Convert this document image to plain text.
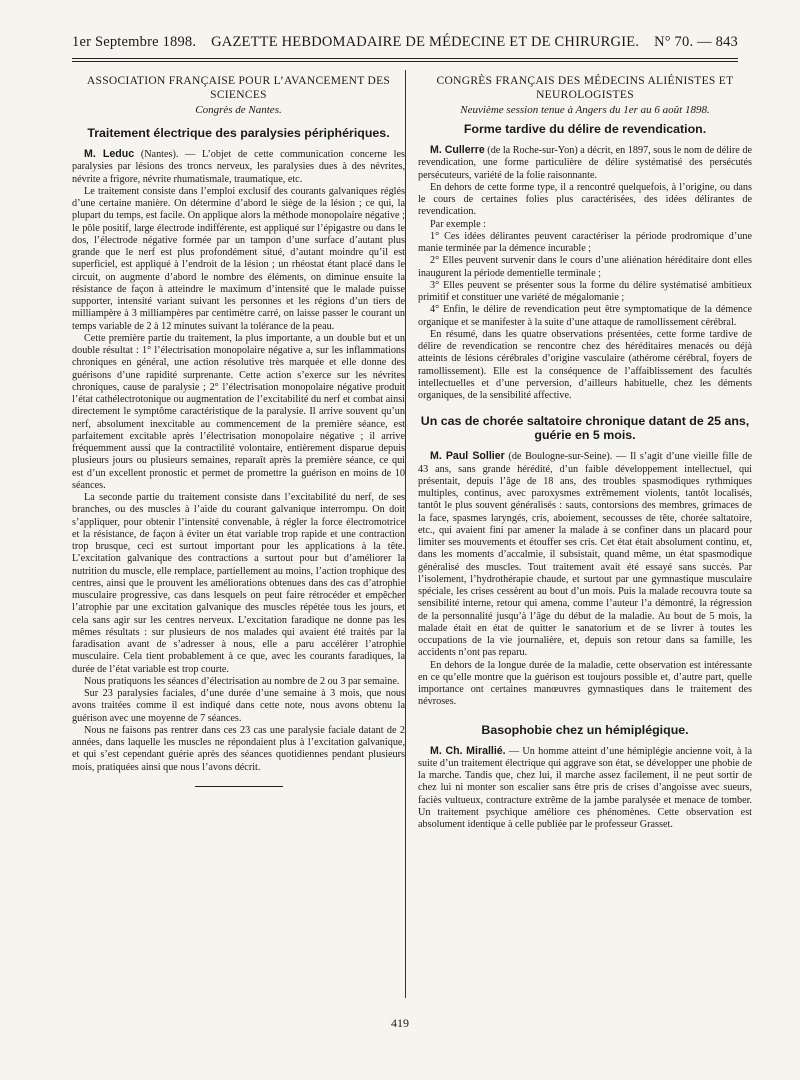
1er Septembre 1898. GAZETTE HEBDOMADAIRE DE MÉDECINE ET DE CHIRURGIE. N° 70. — 843
ASSOCIATION FRANÇAISE POUR L’AVANCEMENT DES SCIENCES
Congrès de Nantes.
Traitement électrique des paralysies périphériques.

M. Leduc (Nantes). — L’objet de cette communication concerne les paralysies par lésions des troncs nerveux, les paralysies dues à des névrites, névrite a frigore, névrite rhumatismale, traumatique, etc.

Le traitement consiste dans l’emploi exclusif des courants galvaniques réglés d’une certaine manière. On détermine d’abord le siège de la lésion ; ce qui, la plupart du temps, est facile. On applique alors la méthode monopolaire négative ; le pôle positif, large électrode indifférente, est appliqué sur l’épigastre ou dans le dos, l’électrode négative formée par un tampon d’une surface d’autant plus grande que le nerf est plus profondément situé, d’autant moindre qu’il est superficiel, est appliqué à l’endroit de la lésion ; un rhéostat étant placé dans le circuit, on augmente d’abord le nombre des éléments, on diminue ensuite la résistance de façon à atteindre le maximum d’intensité que le malade puisse supporter, intensité variant suivant les personnes et les régions d’un tiers de milliampère à 3 milliampères par centimètre carré, on laisse passer le courant un temps variable de 2 à 12 minutes suivant la tolérance de la peau.

Cette première partie du traitement, la plus importante, a un double but et un double résultat : 1° l’électrisation monopolaire négative a, sur les inflammations chroniques en général, une action résolutive très marquée et elle donne des guérisons d’une rapidité surprenante. Cette action s’exerce sur les névrites chroniques, cause de paralysie ; 2° l’électrisation monopolaire négative produit l’état cathélectrotonique ou augmentation de l’excitabilité du nerf et combat ainsi directement le symptôme caractéristique de la paralysie. Il arrive souvent qu’un nerf, absolument inexcitable au commencement de la première séance, est parfaitement excitable après l’électrisation monopolaire négative ; il arrive fréquemment aussi que la contractilité volontaire, entièrement disparue depuis plusieurs jours ou plusieurs semaines, reparaît après la première séance, ce qui est d’un excellent pronostic et permet de promettre la guérison en moins de 10 séances.

La seconde partie du traitement consiste dans l’excitabilité du nerf, de ses branches, ou des muscles à l’aide du courant galvanique interrompu. On doit s’appliquer, pour obtenir l’intensité convenable, à régler la force électromotrice et la résistance, de façon à éviter un état variable trop rapide et une contraction trop brusque, ceci est surtout important pour les applications à la tête. L’excitation galvanique des contractions a surtout pour but d’améliorer la nutrition du muscle, elle remplace, partiellement au moins, l’action trophique des centres, ainsi que le prouvent les améliorations obtenues dans des cas d’atrophie musculaire progressive, cas dans lesquels on peut faire rétrocéder et empêcher l’atrophie par une excitation galvanique des muscles répétée tous les jours, et cela sans agir sur les centres nerveux. L’excitation faradique ne donne pas les mêmes résultats : sur plusieurs de nos malades qui avaient été traités par la faradisation avant de s’adresser à nous, elle a paru accélérer l’atrophie musculaire. Cela tient probablement à ce que, avec les courants faradiques, la durée de l’état variable est trop courte.

Nous pratiquons les séances d’électrisation au nombre de 2 ou 3 par semaine.

Sur 23 paralysies faciales, d’une durée d’une semaine à 3 mois, que nous avons traitées comme il est indiqué dans cette note, nous avons obtenu la guérison avec une moyenne de 7 séances.

Nous ne faisons pas rentrer dans ces 23 cas une paralysie faciale datant de 2 années, dans laquelle les muscles ne répondaient plus à l’excitation galvanique, et qui s’est cependant guérie après des séances quotidiennes pendant plusieurs mois, pratiquées ainsi que nous l’avons décrit.

CONGRÈS FRANÇAIS DES MÉDECINS ALIÉNISTES ET NEUROLOGISTES
Neuvième session tenue à Angers du 1er au 6 août 1898.
Forme tardive du délire de revendication.

M. Cullerre (de la Roche-sur-Yon) a décrit, en 1897, sous le nom de délire de revendication, une forme particulière de délire systématisé des persécutés persécuteurs, variété de la folie raisonnante.

En dehors de cette forme type, il a rencontré quelquefois, à l’origine, ou dans le cours de certaines folies plus caractérisées, des idées délirantes de revendication.

Par exemple :

1° Ces idées délirantes peuvent caractériser la période prodromique d’une manie terminée par la démence incurable ;

2° Elles peuvent survenir dans le cours d’une aliénation héréditaire dont elles inaugurent la période dementielle terminale ;

3° Elles peuvent se présenter sous la forme du délire systématisé ambitieux primitif et constituer une variété de mégalomanie ;

4° Enfin, le délire de revendication peut être symptomatique de la démence organique et se manifester à la suite d’une attaque de ramollissement cérébral.

En résumé, dans les quatre observations présentées, cette forme tardive de délire de revendication se rencontre chez des héréditaires menacés ou déjà atteints de lésions cérébrales d’origine vasculaire (athérome cérébral, foyers de ramollissement). Elle est la conséquence de l’affaiblissement des facultés intellectuelles et d’une perversion, d’ailleurs habituelle, chez les déments organiques, de la sensibilité affective.

Un cas de chorée saltatoire chronique datant de 25 ans, guérie en 5 mois.

M. Paul Sollier (de Boulogne-sur-Seine). — Il s’agit d’une vieille fille de 43 ans, sans grande hérédité, d’un faible développement intellectuel, qui présentait, depuis l’âge de 18 ans, des troubles spasmodiques rythmiques multiples, continus, avec paroxysmes extrêmement violents, tantôt localisés, tantôt le plus souvent généralisés : sauts, contorsions des membres, grimaces de la face, spasmes laryngés, cris, aboiement, secousses de tête, chorée saltatoire, etc., qui avaient fini par amener la malade à se confiner dans un placard pour limiter ses mouvements et étouffer ses cris. Cet état était absolument continu, et, dans les moments d’accalmie, il subsistait, quand même, un état spasmodique généralisé des muscles. Tout traitement avait été essayé sans succès. Par l’isolement, l’hydrothérapie chaude, et surtout par une gymnastique musculaire spéciale, les crises cessèrent au bout d’un mois. Puis la malade recouvra toute sa sensibilité interne, retour qui amena, comme l’auteur l’a démontré, la régression de la personnalité jusqu’à l’âge du début de la maladie. Au bout de 5 mois, la malade était en état de quitter le sanatorium et de se livrer à toutes les occupations de la vie journalière, et, depuis son retour dans sa famille, les accidents n’ont pas reparu.

En dehors de la longue durée de la maladie, cette observation est intéressante en ce qu’elle montre que la guérison est toujours possible et, d’autre part, quelle importance ont certaines manœuvres gymnastiques dans le traitement des névroses.

Basophobie chez un hémiplégique.

M. Ch. Mirallié. — Un homme atteint d’une hémiplégie ancienne voit, à la suite d’un traitement électrique qui aggrave son état, se développer une phobie de la marche. Tandis que, chez lui, il marche assez facilement, il ne peut sortir de chez lui ni monter son escalier sans être pris de crises d’angoisse avec sueurs, faciès vultueux, contracture extrême de la jambe paralysée et menace de tomber. Un traitement psychique améliore ces phénomènes. Cette observation est absolument identique à celle publiée par le professeur Grasset.

419
